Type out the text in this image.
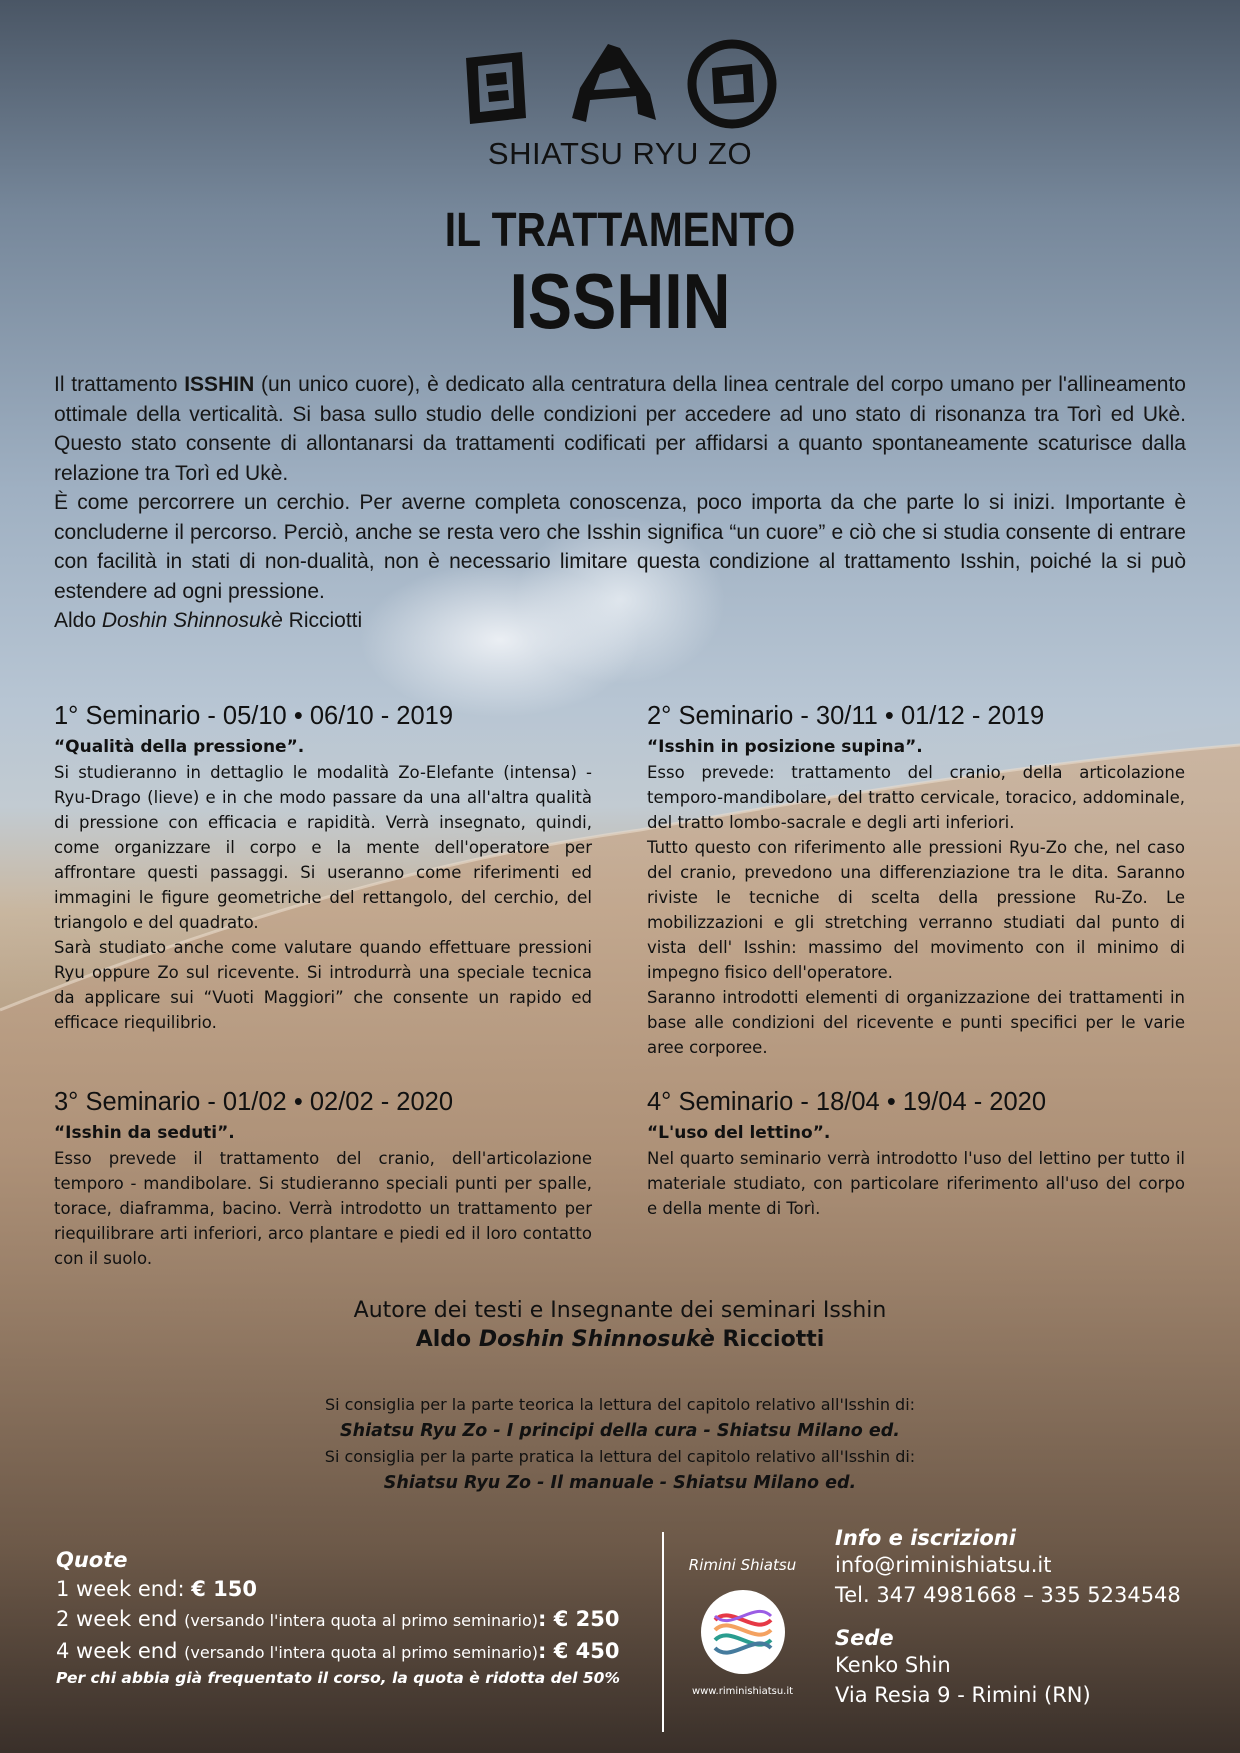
SHIATSU RYU ZO
IL TRATTAMENTO
ISSHIN

Il trattamento ISSHIN (un unico cuore), è dedicato alla centratura della linea centrale del corpo umano per l'allineamento ottimale della verticalità. Si basa sullo studio delle condizioni per accedere ad uno stato di risonanza tra Torì ed Ukè. Questo stato consente di allontanarsi da trattamenti codificati per affidarsi a quanto spontaneamente scaturisce dalla relazione tra Torì ed Ukè.

È come percorrere un cerchio. Per averne completa conoscenza, poco importa da che parte lo si inizi. Importante è concluderne il percorso. Perciò, anche se resta vero che Isshin significa “un cuore” e ciò che si studia consente di entrare con facilità in stati di non-dualità, non è necessario limitare questa condizione al trattamento Isshin, poiché la si può estendere ad ogni pressione.

Aldo Doshin Shinnosukè Ricciotti

1° Seminario - 05/10 • 06/10 - 2019
“Qualità della pressione”.

Si studieranno in dettaglio le modalità Zo-Elefante (intensa) - Ryu-Drago (lieve) e in che modo passare da una all'altra qualità di pressione con efficacia e rapidità. Verrà insegnato, quindi, come organizzare il corpo e la mente dell'operatore per affrontare questi passaggi. Si useranno come riferimenti ed immagini le figure geometriche del rettangolo, del cerchio, del triangolo e del quadrato.

Sarà studiato anche come valutare quando effettuare pressioni Ryu oppure Zo sul ricevente. Si introdurrà una speciale tecnica da applicare sui “Vuoti Maggiori” che consente un rapido ed efficace riequilibrio.

2° Seminario - 30/11 • 01/12 - 2019
“Isshin in posizione supina”.

Esso prevede: trattamento del cranio, della articolazione temporo-mandibolare, del tratto cervicale, toracico, addominale, del tratto lombo-sacrale e degli arti inferiori.

Tutto questo con riferimento alle pressioni Ryu-Zo che, nel caso del cranio, prevedono una differenziazione tra le dita. Saranno riviste le tecniche di scelta della pressione Ru-Zo. Le mobilizzazioni e gli stretching verranno studiati dal punto di vista dell' Isshin: massimo del movimento con il minimo di impegno fisico dell'operatore.

Saranno introdotti elementi di organizzazione dei trattamenti in base alle condizioni del ricevente e punti specifici per le varie aree corporee.

3° Seminario - 01/02 • 02/02 - 2020
“Isshin da seduti”.

Esso prevede il trattamento del cranio, dell'articolazione temporo - mandibolare. Si studieranno speciali punti per spalle, torace, diaframma, bacino. Verrà introdotto un trattamento per riequilibrare arti inferiori, arco plantare e piedi ed il loro contatto con il suolo.

4° Seminario - 18/04 • 19/04 - 2020
“L'uso del lettino”.

Nel quarto seminario verrà introdotto l'uso del lettino per tutto il materiale studiato, con particolare riferimento all'uso del corpo e della mente di Torì.

Autore dei testi e Insegnante dei seminari Isshin
Aldo Doshin Shinnosukè Ricciotti
Si consiglia per la parte teorica la lettura del capitolo relativo all'Isshin di:
Shiatsu Ryu Zo - I principi della cura - Shiatsu Milano ed.
Si consiglia per la parte pratica la lettura del capitolo relativo all'Isshin di:
Shiatsu Ryu Zo - Il manuale - Shiatsu Milano ed.
Quote
1 week end: € 150
2 week end (versando l'intera quota al primo seminario): € 250
4 week end (versando l'intera quota al primo seminario): € 450
Per chi abbia già frequentato il corso, la quota è ridotta del 50%
Rimini Shiatsu
www.riminishiatsu.it
Info e iscrizioni
info@riminishiatsu.it
Tel. 347 4981668 – 335 5234548
Sede
Kenko Shin
Via Resia 9 - Rimini (RN)
